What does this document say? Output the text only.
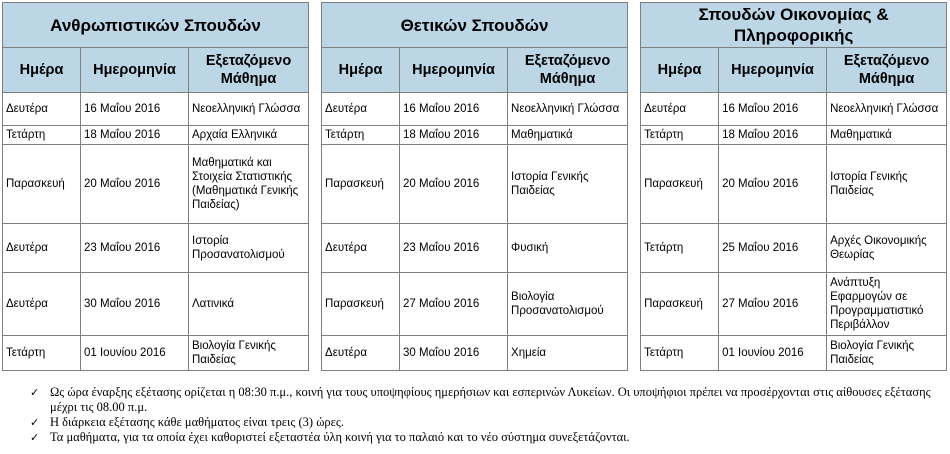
Ανθρωπιστικών Σπουδών		
Ημέρα	Ημερομηνία	Εξεταζόμενο Μάθημα
Δευτέρα	16 Μαΐου 2016	Νεοελληνική Γλώσσα
Τετάρτη	18 Μαΐου 2016	Αρχαία Ελληνικά
Παρασκευή	20 Μαΐου 2016	Μαθηματικά και Στοιχεία Στατιστικής (Μαθηματικά Γενικής Παιδείας)
Δευτέρα	23 Μαΐου 2016	Ιστορία Προσανατολισμού
Δευτέρα	30 Μαΐου 2016	Λατινικά
Τετάρτη	01 Ιουνίου 2016	Βιολογία Γενικής Παιδείας
Θετικών Σπουδών		
Ημέρα	Ημερομηνία	Εξεταζόμενο Μάθημα
Δευτέρα	16 Μαΐου 2016	Νεοελληνική Γλώσσα
Τετάρτη	18 Μαΐου 2016	Μαθηματικά
Παρασκευή	20 Μαΐου 2016	Ιστορία Γενικής Παιδείας
Δευτέρα	23 Μαΐου 2016	Φυσική
Παρασκευή	27 Μαΐου 2016	Βιολογία Προσανατολισμού
Δευτέρα	30 Μαΐου 2016	Χημεία
Σπουδών Οικονομίας & Πληροφορικής		
Ημέρα	Ημερομηνία	Εξεταζόμενο Μάθημα
Δευτέρα	16 Μαΐου 2016	Νεοελληνική Γλώσσα
Τετάρτη	18 Μαΐου 2016	Μαθηματικά
Παρασκευή	20 Μαΐου 2016	Ιστορία Γενικής Παιδείας
Τετάρτη	25 Μαΐου 2016	Αρχές Οικονομικής Θεωρίας
Παρασκευή	27 Μαΐου 2016	Ανάπτυξη Εφαρμογών σε Προγραμματιστικό Περιβάλλον
Τετάρτη	01 Ιουνίου 2016	Βιολογία Γενικής Παιδείας
✓ Ως ώρα έναρξης εξέτασης ορίζεται η 08:30 π.μ., κοινή για τους υποψηφίους ημερήσιων και εσπερινών Λυκείων. Οι υποψήφιοι πρέπει να προσέρχονται στις αίθουσες εξέτασης μέχρι τις 08.00 π.μ.
✓ Η διάρκεια εξέτασης κάθε μαθήματος είναι τρεις (3) ώρες.
✓ Τα μαθήματα, για τα οποία έχει καθοριστεί εξεταστέα ύλη κοινή για το παλαιό και το νέο σύστημα συνεξετάζονται.
